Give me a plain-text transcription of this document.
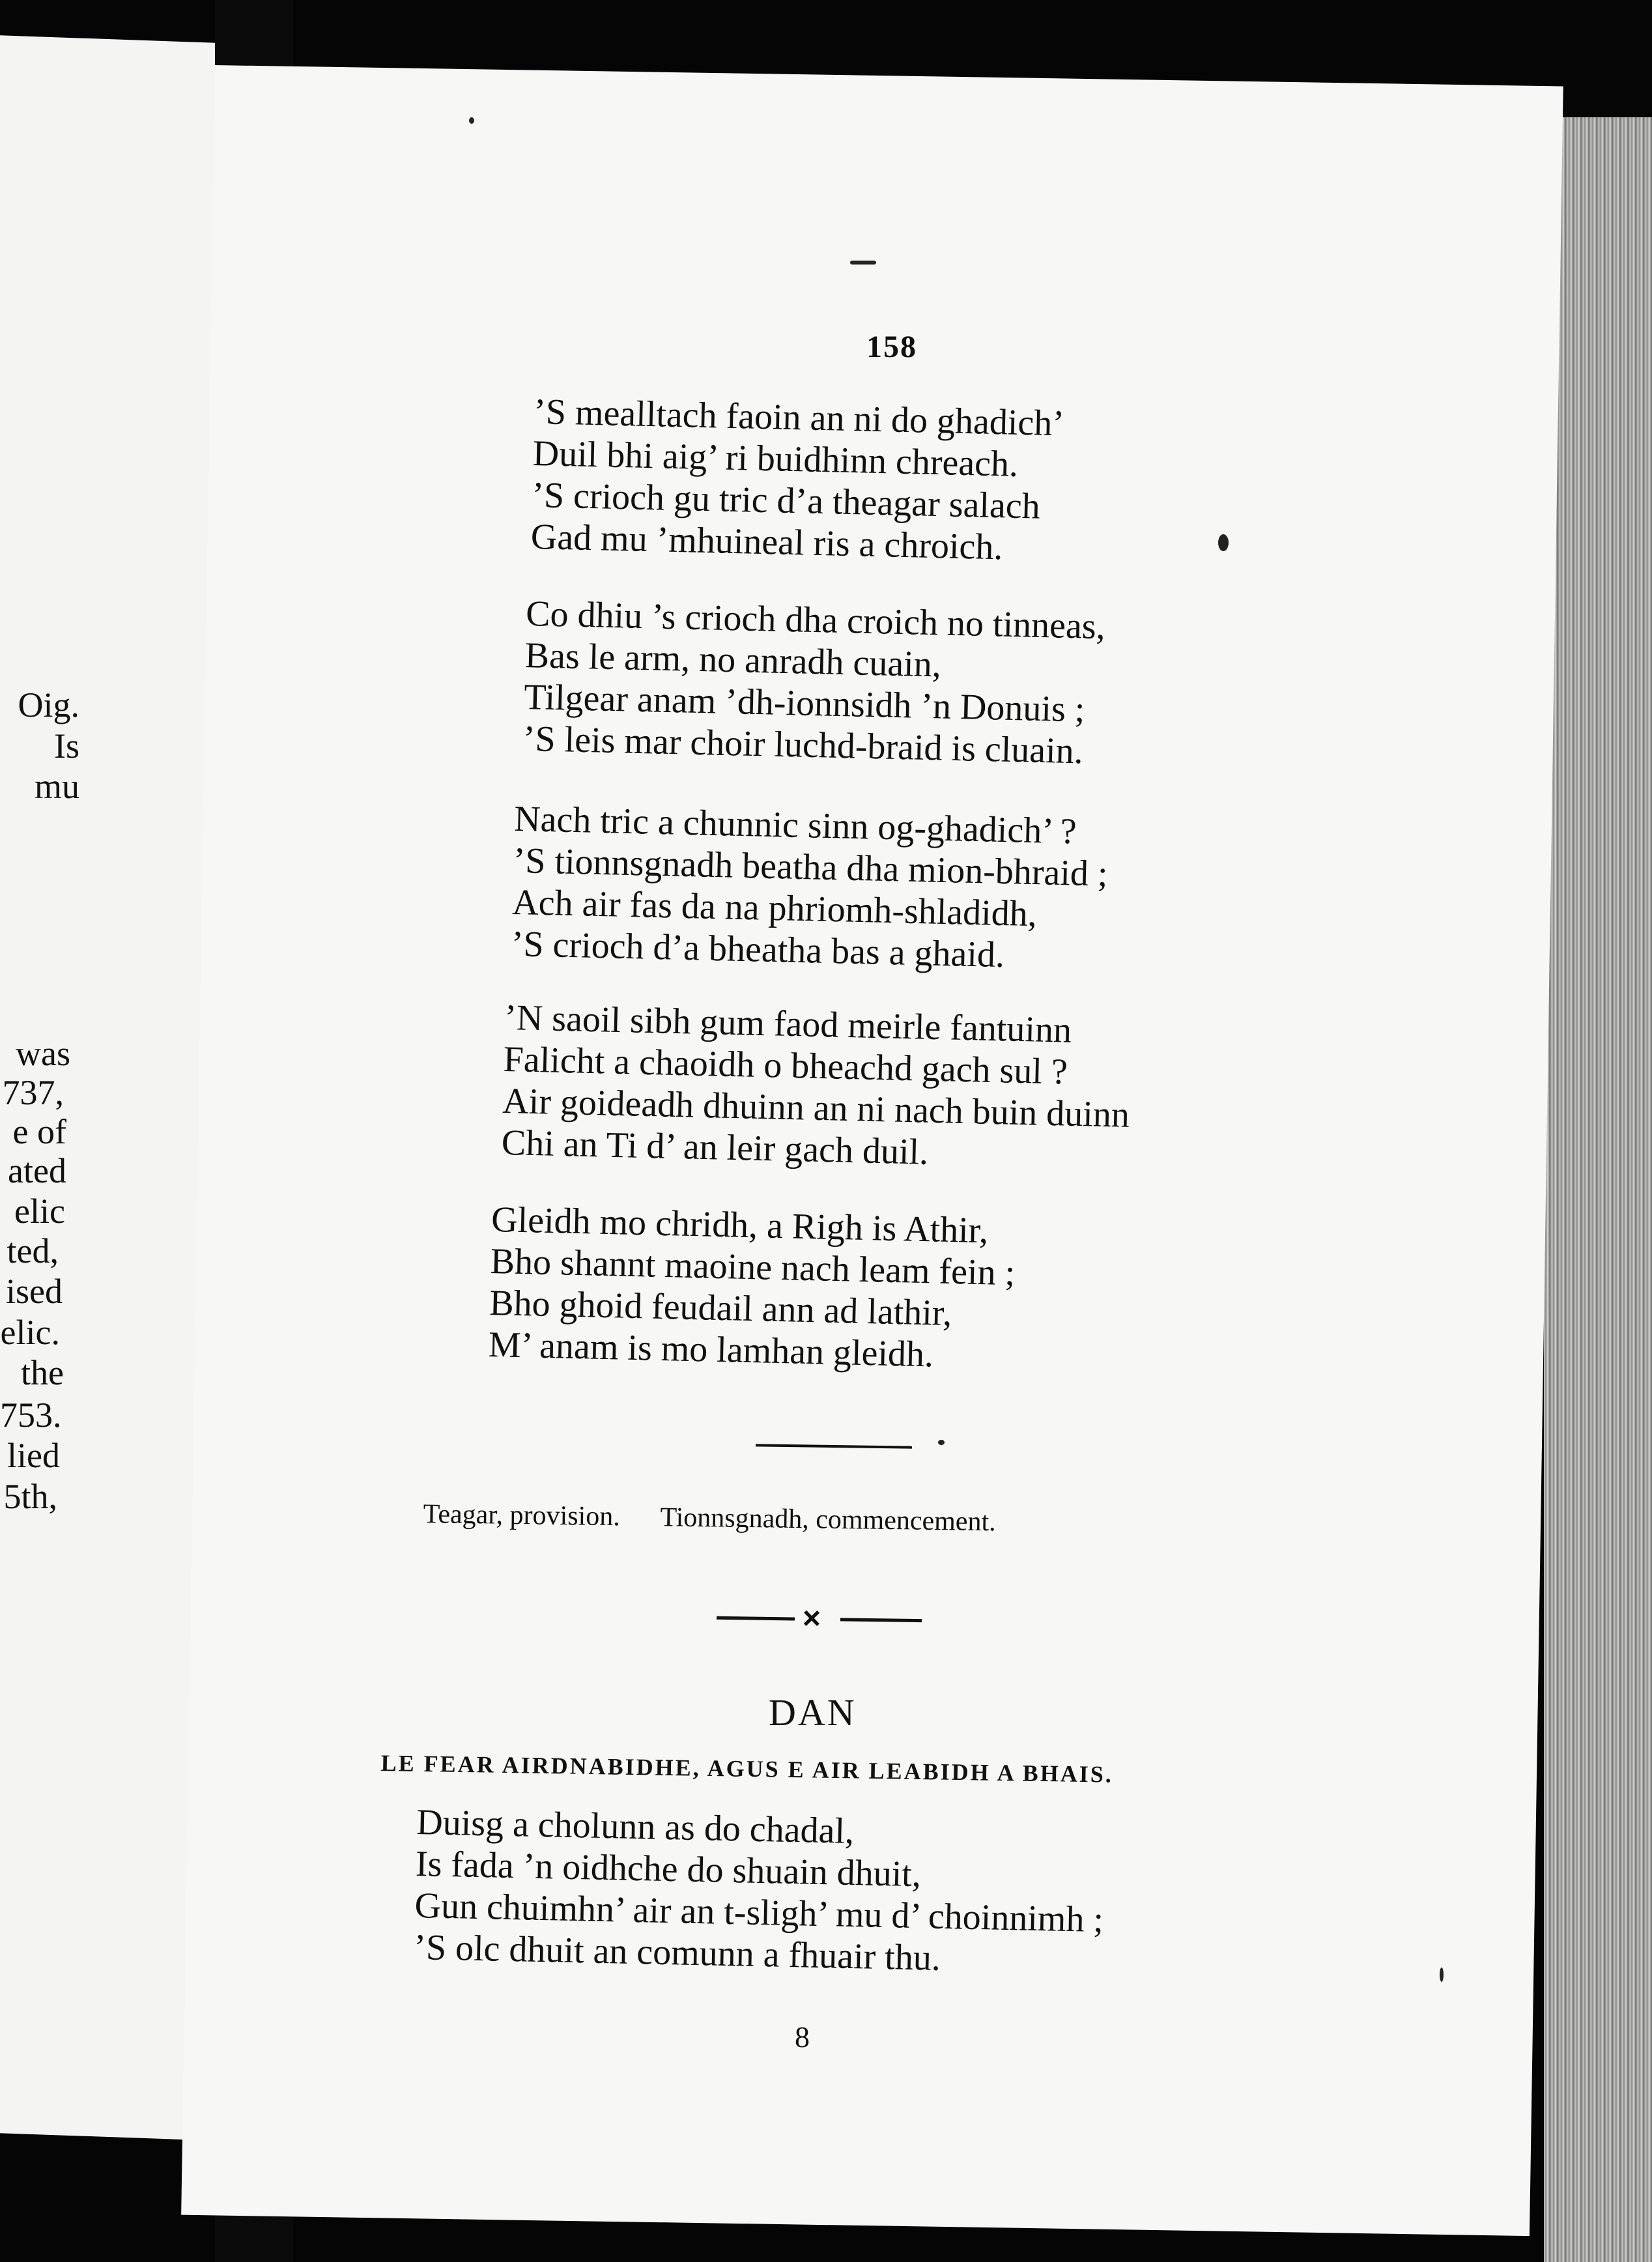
Oig.
Is
mu
was
737,
e of
ated
elic
ted,
ised
elic.
the
753.
lied
5th,
158
’S mealltach faoin an ni do ghadich’
Duil bhi aig’ ri buidhinn chreach.
’S crioch gu tric d’a theagar salach
Gad mu ’mhuineal ris a chroich.
Co dhiu ’s crioch dha croich no tinneas,
Bas le arm, no anradh cuain,
Tilgear anam ’dh-ionnsidh ’n Donuis ;
’S leis mar choir luchd-braid is cluain.
Nach tric a chunnic sinn og-ghadich’ ?
’S tionnsgnadh beatha dha mion-bhraid ;
Ach air fas da na phriomh-shladidh,
’S crioch d’a bheatha bas a ghaid.
’N saoil sibh gum faod meirle fantuinn
Falicht a chaoidh o bheachd gach sul ?
Air goideadh dhuinn an ni nach buin duinn
Chi an Ti d’ an leir gach duil.
Gleidh mo chridh, a Righ is Athir,
Bho shannt maoine nach leam fein ;
Bho ghoid feudail ann ad lathir,
M’ anam is mo lamhan gleidh.
Teagar, provision. Tionnsgnadh, commencement.
×
DAN
LE FEAR AIRDNABIDHE, AGUS E AIR LEABIDH A BHAIS.
Duisg a cholunn as do chadal,
Is fada ’n oidhche do shuain dhuit,
Gun chuimhn’ air an t-sligh’ mu d’ choinnimh ;
’S olc dhuit an comunn a fhuair thu.
8
